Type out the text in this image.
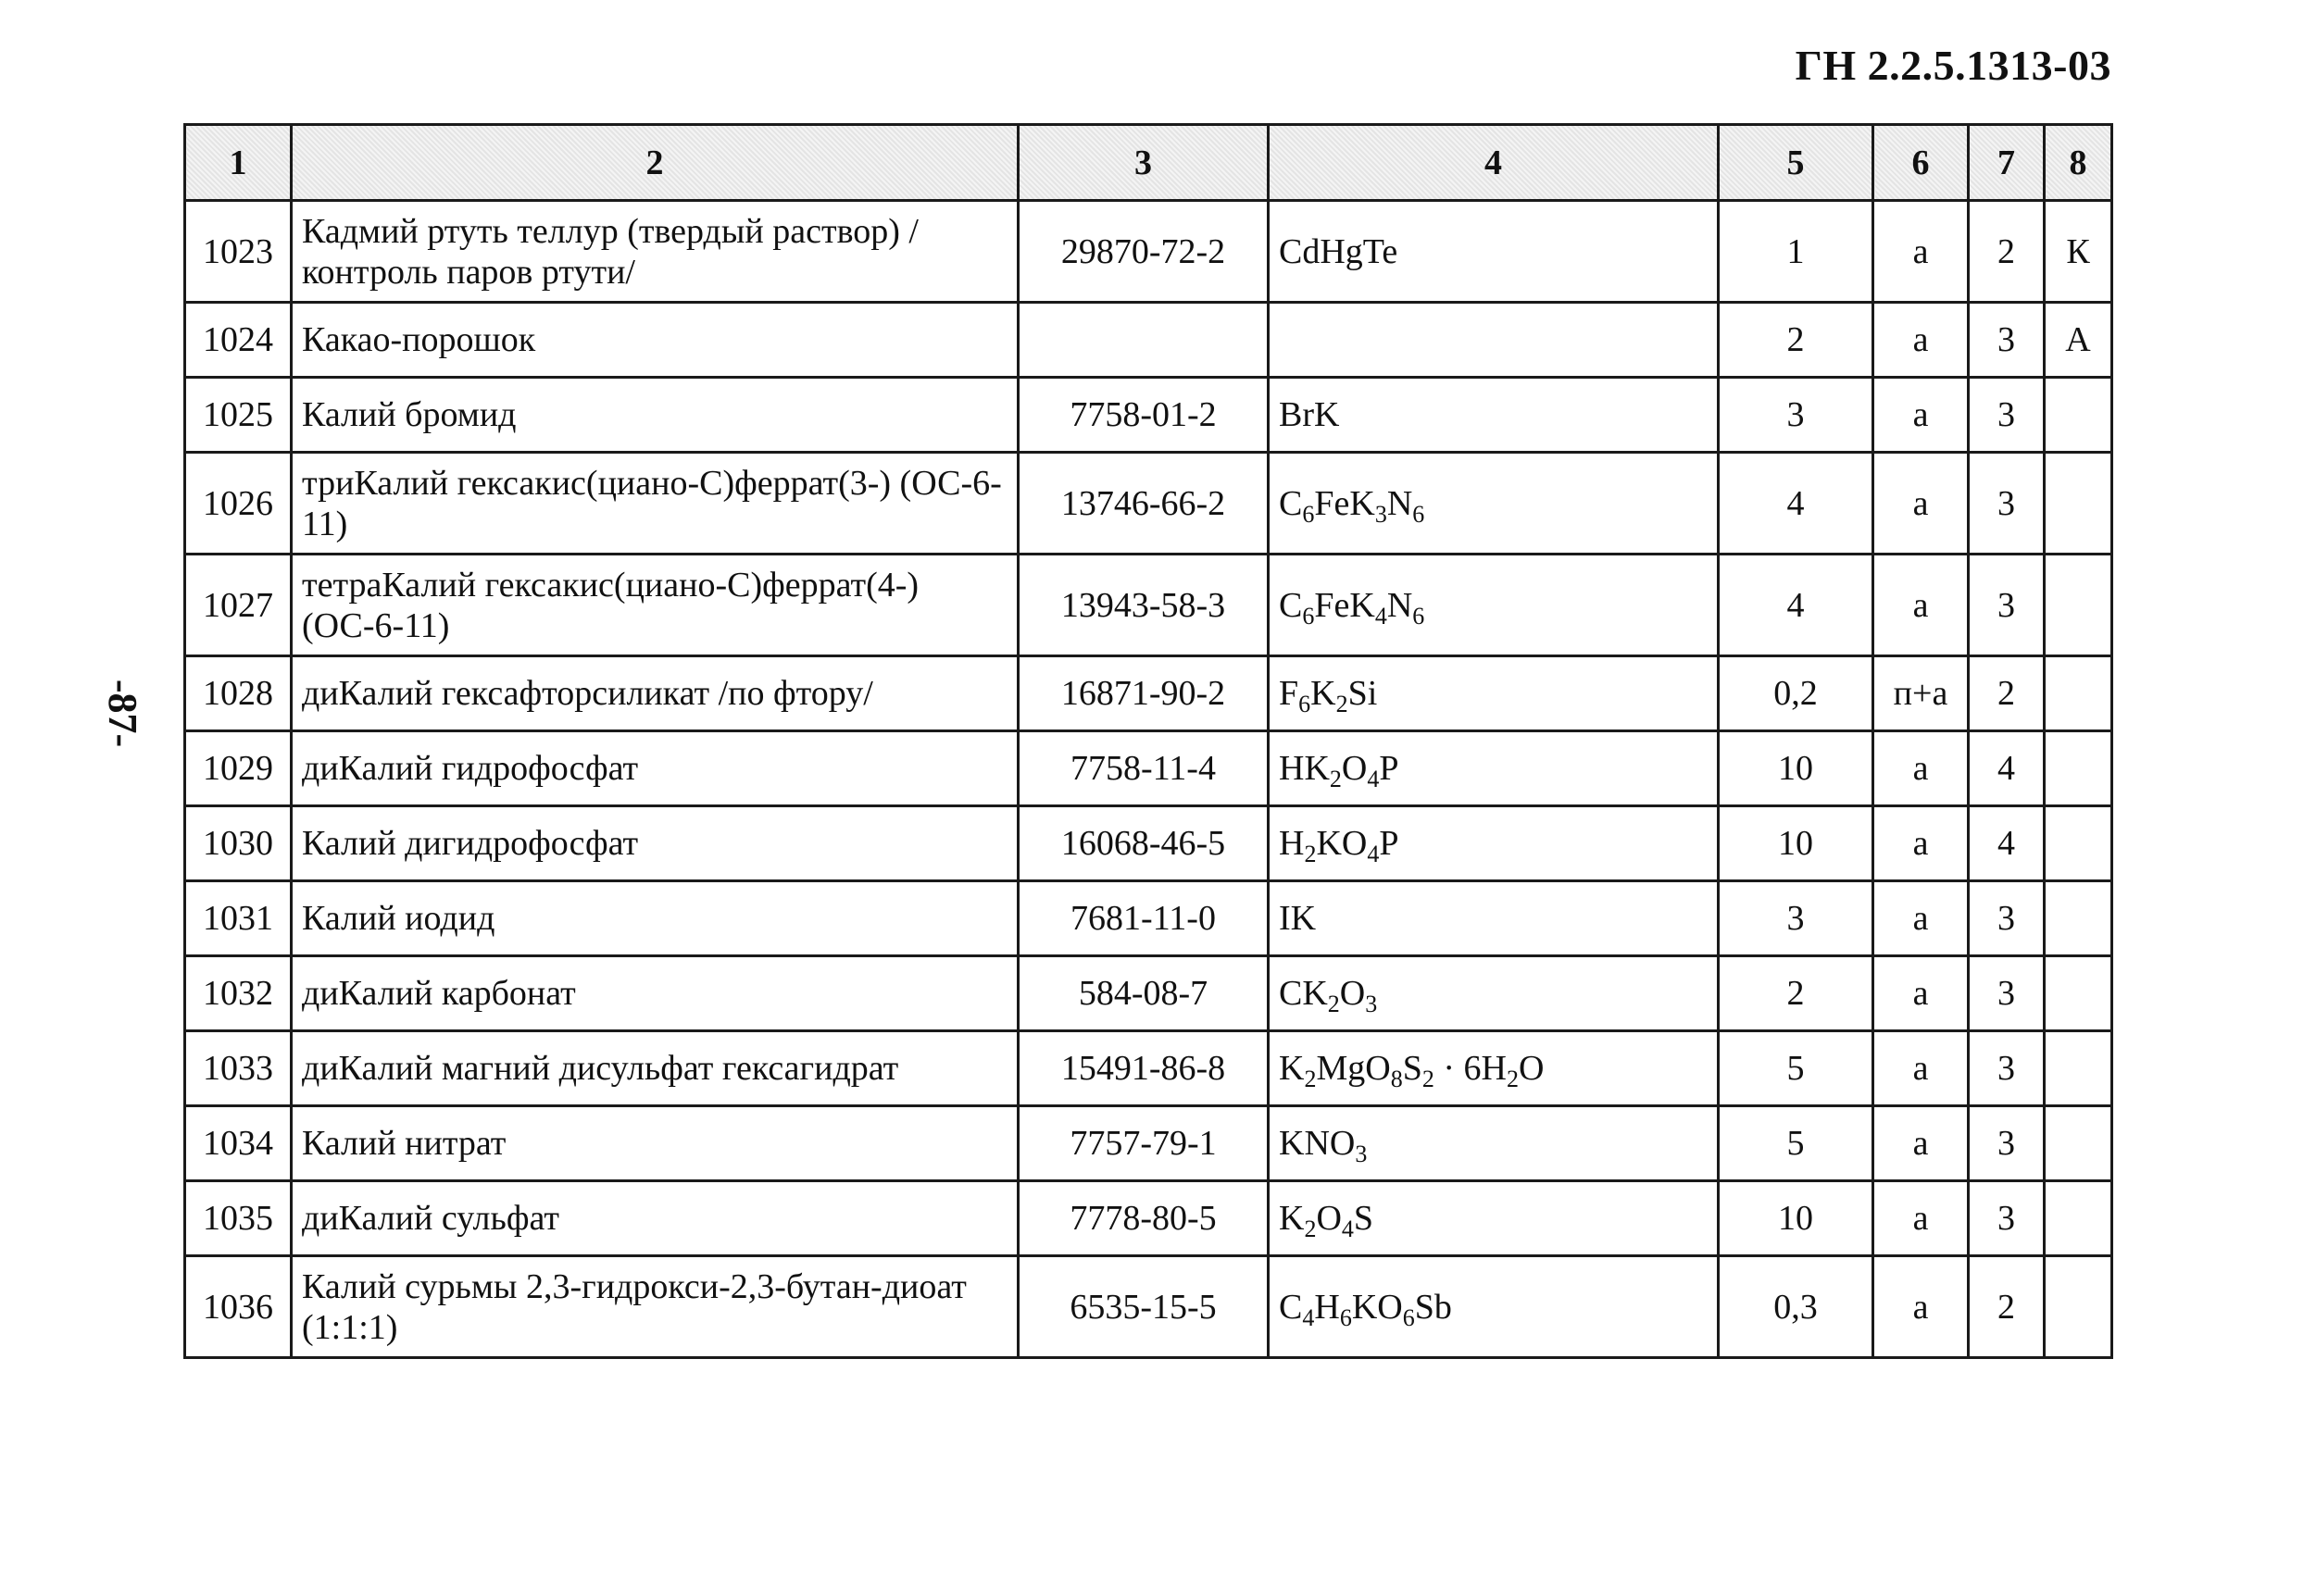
ГН 2.2.5.1313-03
-87-
1	2	3	4	5	6	7	8
1023	Кадмий ртуть теллур (твердый раствор) /контроль паров ртути/	29870-72-2	CdHgTe	1	а	2	К
1024	Какао-порошок			2	а	3	А
1025	Калий бромид	7758-01-2	BrK	3	а	3	
1026	триКалий гексакис(циано-С)феррат(3-) (ОС-6-11)	13746-66-2	$C_6FeK_3N_6$	4	а	3	
1027	тетраКалий гексакис(циано-С)феррат(4-) (ОС-6-11)	13943-58-3	$C_6FeK_4N_6$	4	а	3	
1028	диКалий гексафторсиликат /по фтору/	16871-90-2	$F_6K_2Si$	0,2	п+а	2	
1029	диКалий гидрофосфат	7758-11-4	$HK_2O_4P$	10	а	4	
1030	Калий дигидрофосфат	16068-46-5	$H_2KO_4P$	10	а	4	
1031	Калий иодид	7681-11-0	IK	3	а	3	
1032	диКалий карбонат	584-08-7	$CK_2O_3$	2	а	3	
1033	диКалий магний дисульфат гексагидрат	15491-86-8	$K_2MgO_8S_2 \cdot 6H_2O$	5	а	3	
1034	Калий нитрат	7757-79-1	$KNO_3$	5	а	3	
1035	диКалий сульфат	7778-80-5	$K_2O_4S$	10	а	3	
1036	Калий сурьмы 2,3-гидрокси-2,3-бутан-диоат (1:1:1)	6535-15-5	$C_4H_6KO_6Sb$	0,3	а	2	
